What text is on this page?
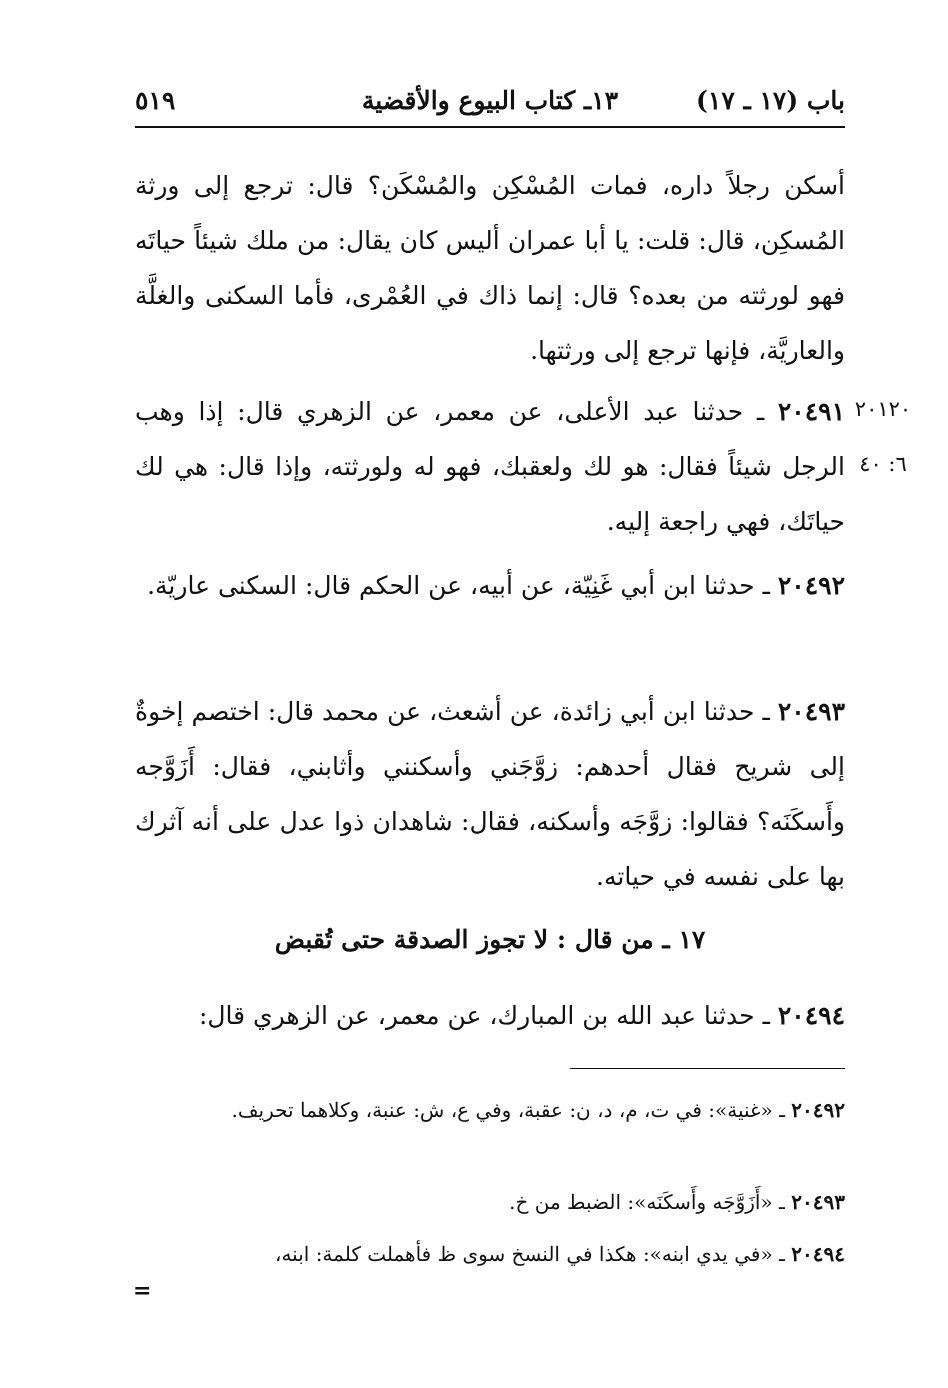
باب (١٧ ـ ١٧)
١٣ـ كتاب البيوع والأقضية
٥١٩
أسكن رجلاً داره، فمات المُسْكِن والمُسْكَن؟ قال: ترجع إلى ورثة المُسكِن، قال: قلت: يا أبا عمران أليس كان يقال: من ملك شيئاً حياتَه فهو لورثته من بعده؟ قال: إنما ذاك في العُمْرى، فأما السكنى والغلَّة والعاريَّة، فإنها ترجع إلى ورثتها.
٢٠١٢٠
٦: ٤٠
٢٠٤٩١ ـ حدثنا عبد الأعلى، عن معمر، عن الزهري قال: إذا وهب الرجل شيئاً فقال: هو لك ولعقبك، فهو له ولورثته، وإذا قال: هي لك حياتَك، فهي راجعة إليه.
٢٠٤٩٢ ـ حدثنا ابن أبي غَنِيّة، عن أبيه، عن الحكم قال: السكنى عاريّة.
٢٠٤٩٣ ـ حدثنا ابن أبي زائدة، عن أشعث، عن محمد قال: اختصم إخوةٌ إلى شريح فقال أحدهم: زوَّجَني وأسكنني وأثابني، فقال: أَزَوَّجه وأَسكَنَه؟ فقالوا: زوَّجَه وأسكنه، فقال: شاهدان ذوا عدل على أنه آثرك بها على نفسه في حياته.
١٧ ـ من قال : لا تجوز الصدقة حتى تُقبض
٢٠٤٩٤ ـ حدثنا عبد الله بن المبارك، عن معمر، عن الزهري قال:
٢٠٤٩٢ ـ «غنية»: في ت، م، د، ن: عقبة، وفي ع، ش: عنبة، وكلاهما تحريف.
٢٠٤٩٣ ـ «أَزَوَّجَه وأَسكَنَه»: الضبط من خ.
٢٠٤٩٤ ـ «في يدي ابنه»: هكذا في النسخ سوى ظ فأهملت كلمة: ابنه،
=
